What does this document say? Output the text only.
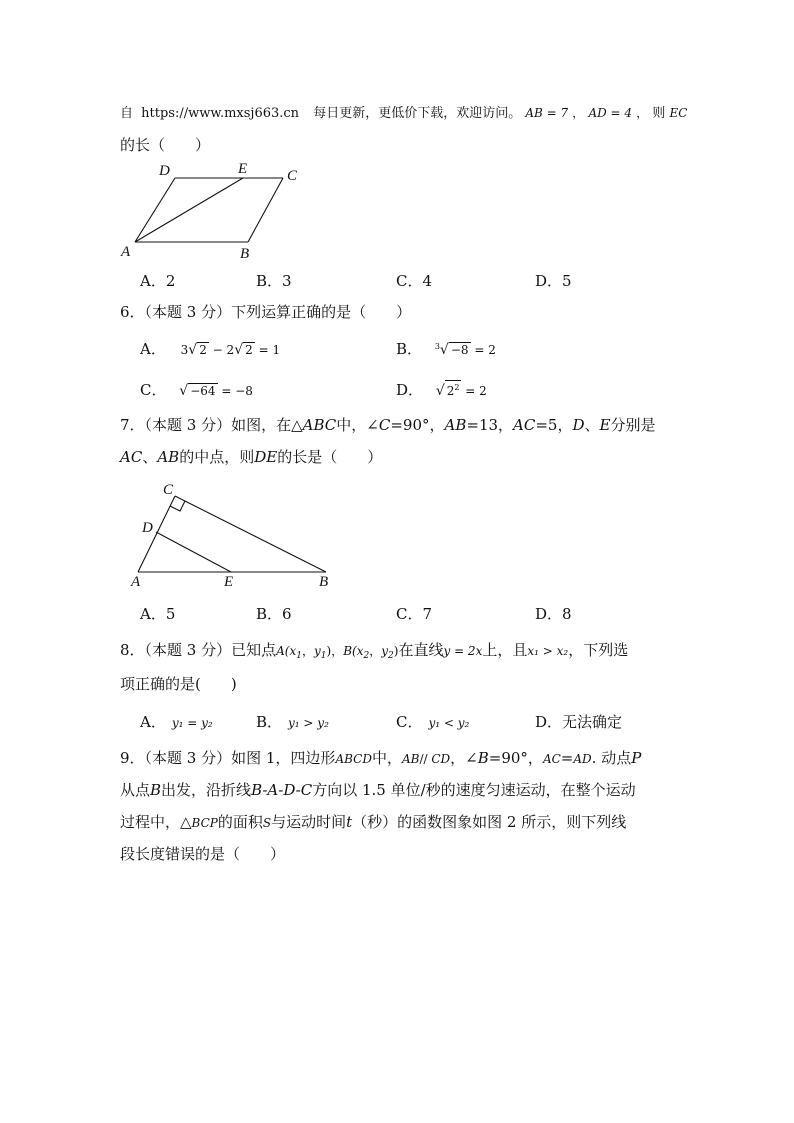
自 https://www.mxsj663.cn 每日更新，更低价下载，欢迎访问。 AB = 7 ， AD = 4 ， 则 EC
的长（　　）
D	E	C
A	B
A．2	B．3	C．4	D．5
6．（本题 3 分）下列运算正确的是（　　）
A． 3√ 2 − 2√ 2 = 1	B． $^3$√ −8 = 2
C． √ −64 = −8	D． √ $2^2 = 2$
7．（本题 3 分）如图，在△ABC中，∠C=90°，AB=13，AC=5，D、E分别是
AC、AB的中点，则DE的长是（　　）
C
D
A	E	B
A．5	B．6	C．7	D．8
8．（本题 3 分）已知点$A(x_1$，$y_1$)，$B(x_2$，$y_2$)在直线y = 2x上，且x₁ > x₂，下列选
项正确的是(　　)
A． y₁ = y₂	B． y₁ > y₂	C． y₁ < y₂	D．无法确定
9．（本题 3 分）如图 1，四边形ABCD中，AB// CD，∠B=90°，AC=AD. 动点P
从点B出发，沿折线B-A-D-C方向以 1.5 单位/秒的速度匀速运动，在整个运动
过程中，△BCP的面积S与运动时间t（秒）的函数图象如图 2 所示，则下列线
段长度错误的是（　　）
